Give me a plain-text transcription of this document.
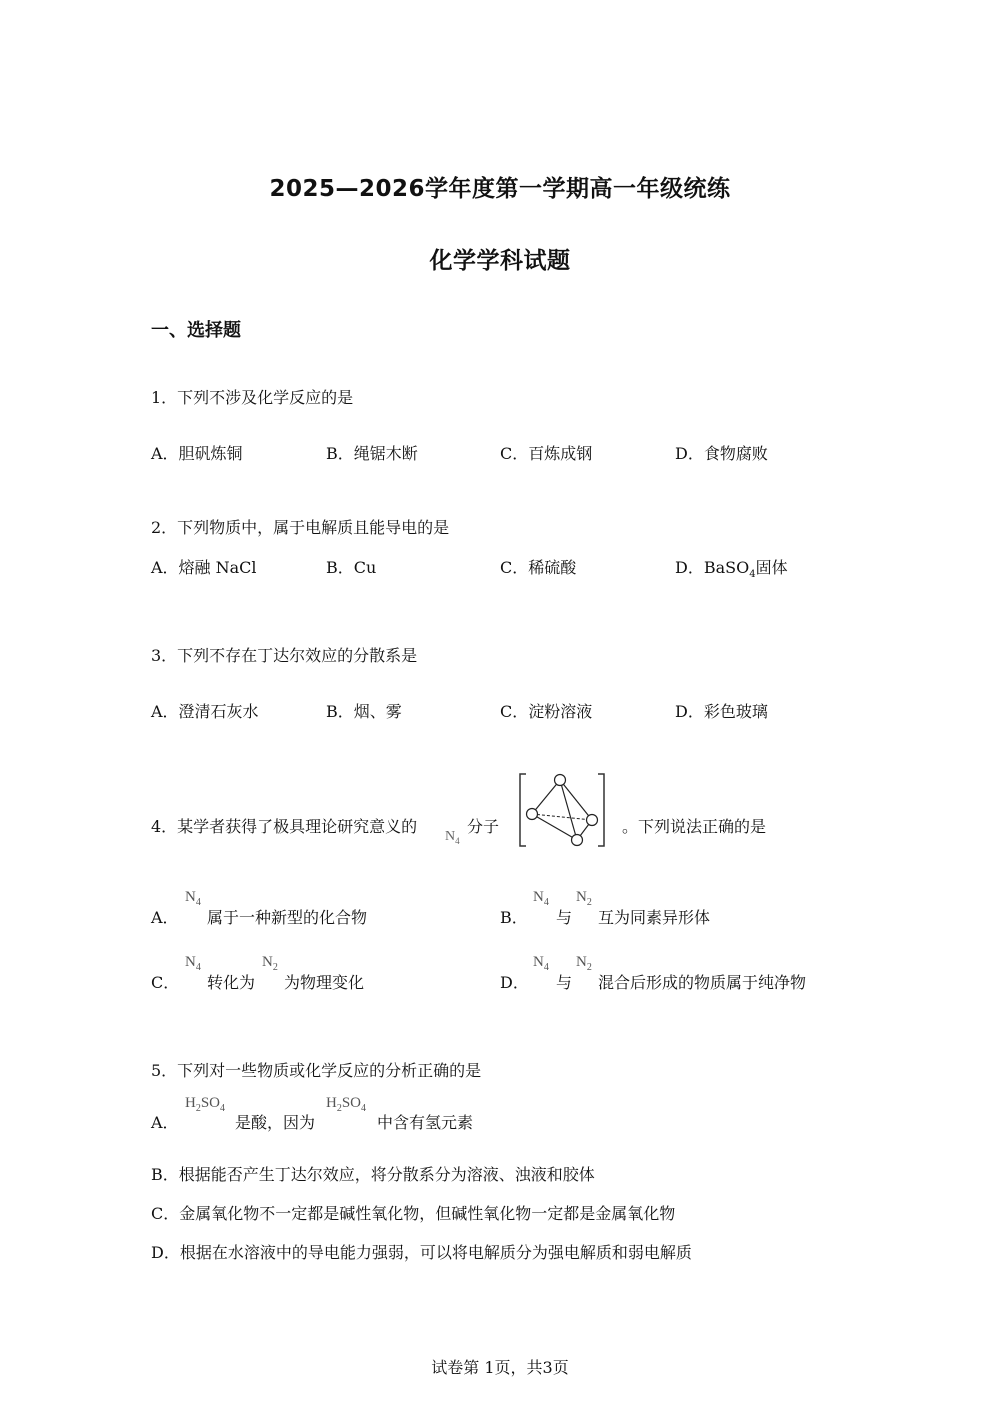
2025—2026学年度第一学期高一年级统练
化学学科试题
一、选择题
1．下列不涉及化学反应的是
A．胆矾炼铜	B．绳锯木断	C．百炼成钢	D．食物腐败
2．下列物质中，属于电解质且能导电的是
A．熔融 NaCl	B．Cu	C．稀硫酸	D．BaSO$_4$固体
3．下列不存在丁达尔效应的分散系是
A．澄清石灰水	B．烟、雾	C．淀粉溶液	D．彩色玻璃
4．某学者获得了极具理论研究意义的
$N_4$
分子	。下列说法正确的是
A．
$N_4$
属于一种新型的化合物	B．
$N_4$
与
$N_2$
互为同素异形体
C．
$N_4$
转化为
$N_2$
为物理变化	D．
$N_4$
与
$N_2$
混合后形成的物质属于纯净物
5．下列对一些物质或化学反应的分析正确的是
A．
$H_2SO_4$
是酸，因为
$H_2SO_4$
中含有氢元素
B．根据能否产生丁达尔效应，将分散系分为溶液、浊液和胶体
C．金属氧化物不一定都是碱性氧化物，但碱性氧化物一定都是金属氧化物
D．根据在水溶液中的导电能力强弱，可以将电解质分为强电解质和弱电解质
试卷第 1页，共3页
